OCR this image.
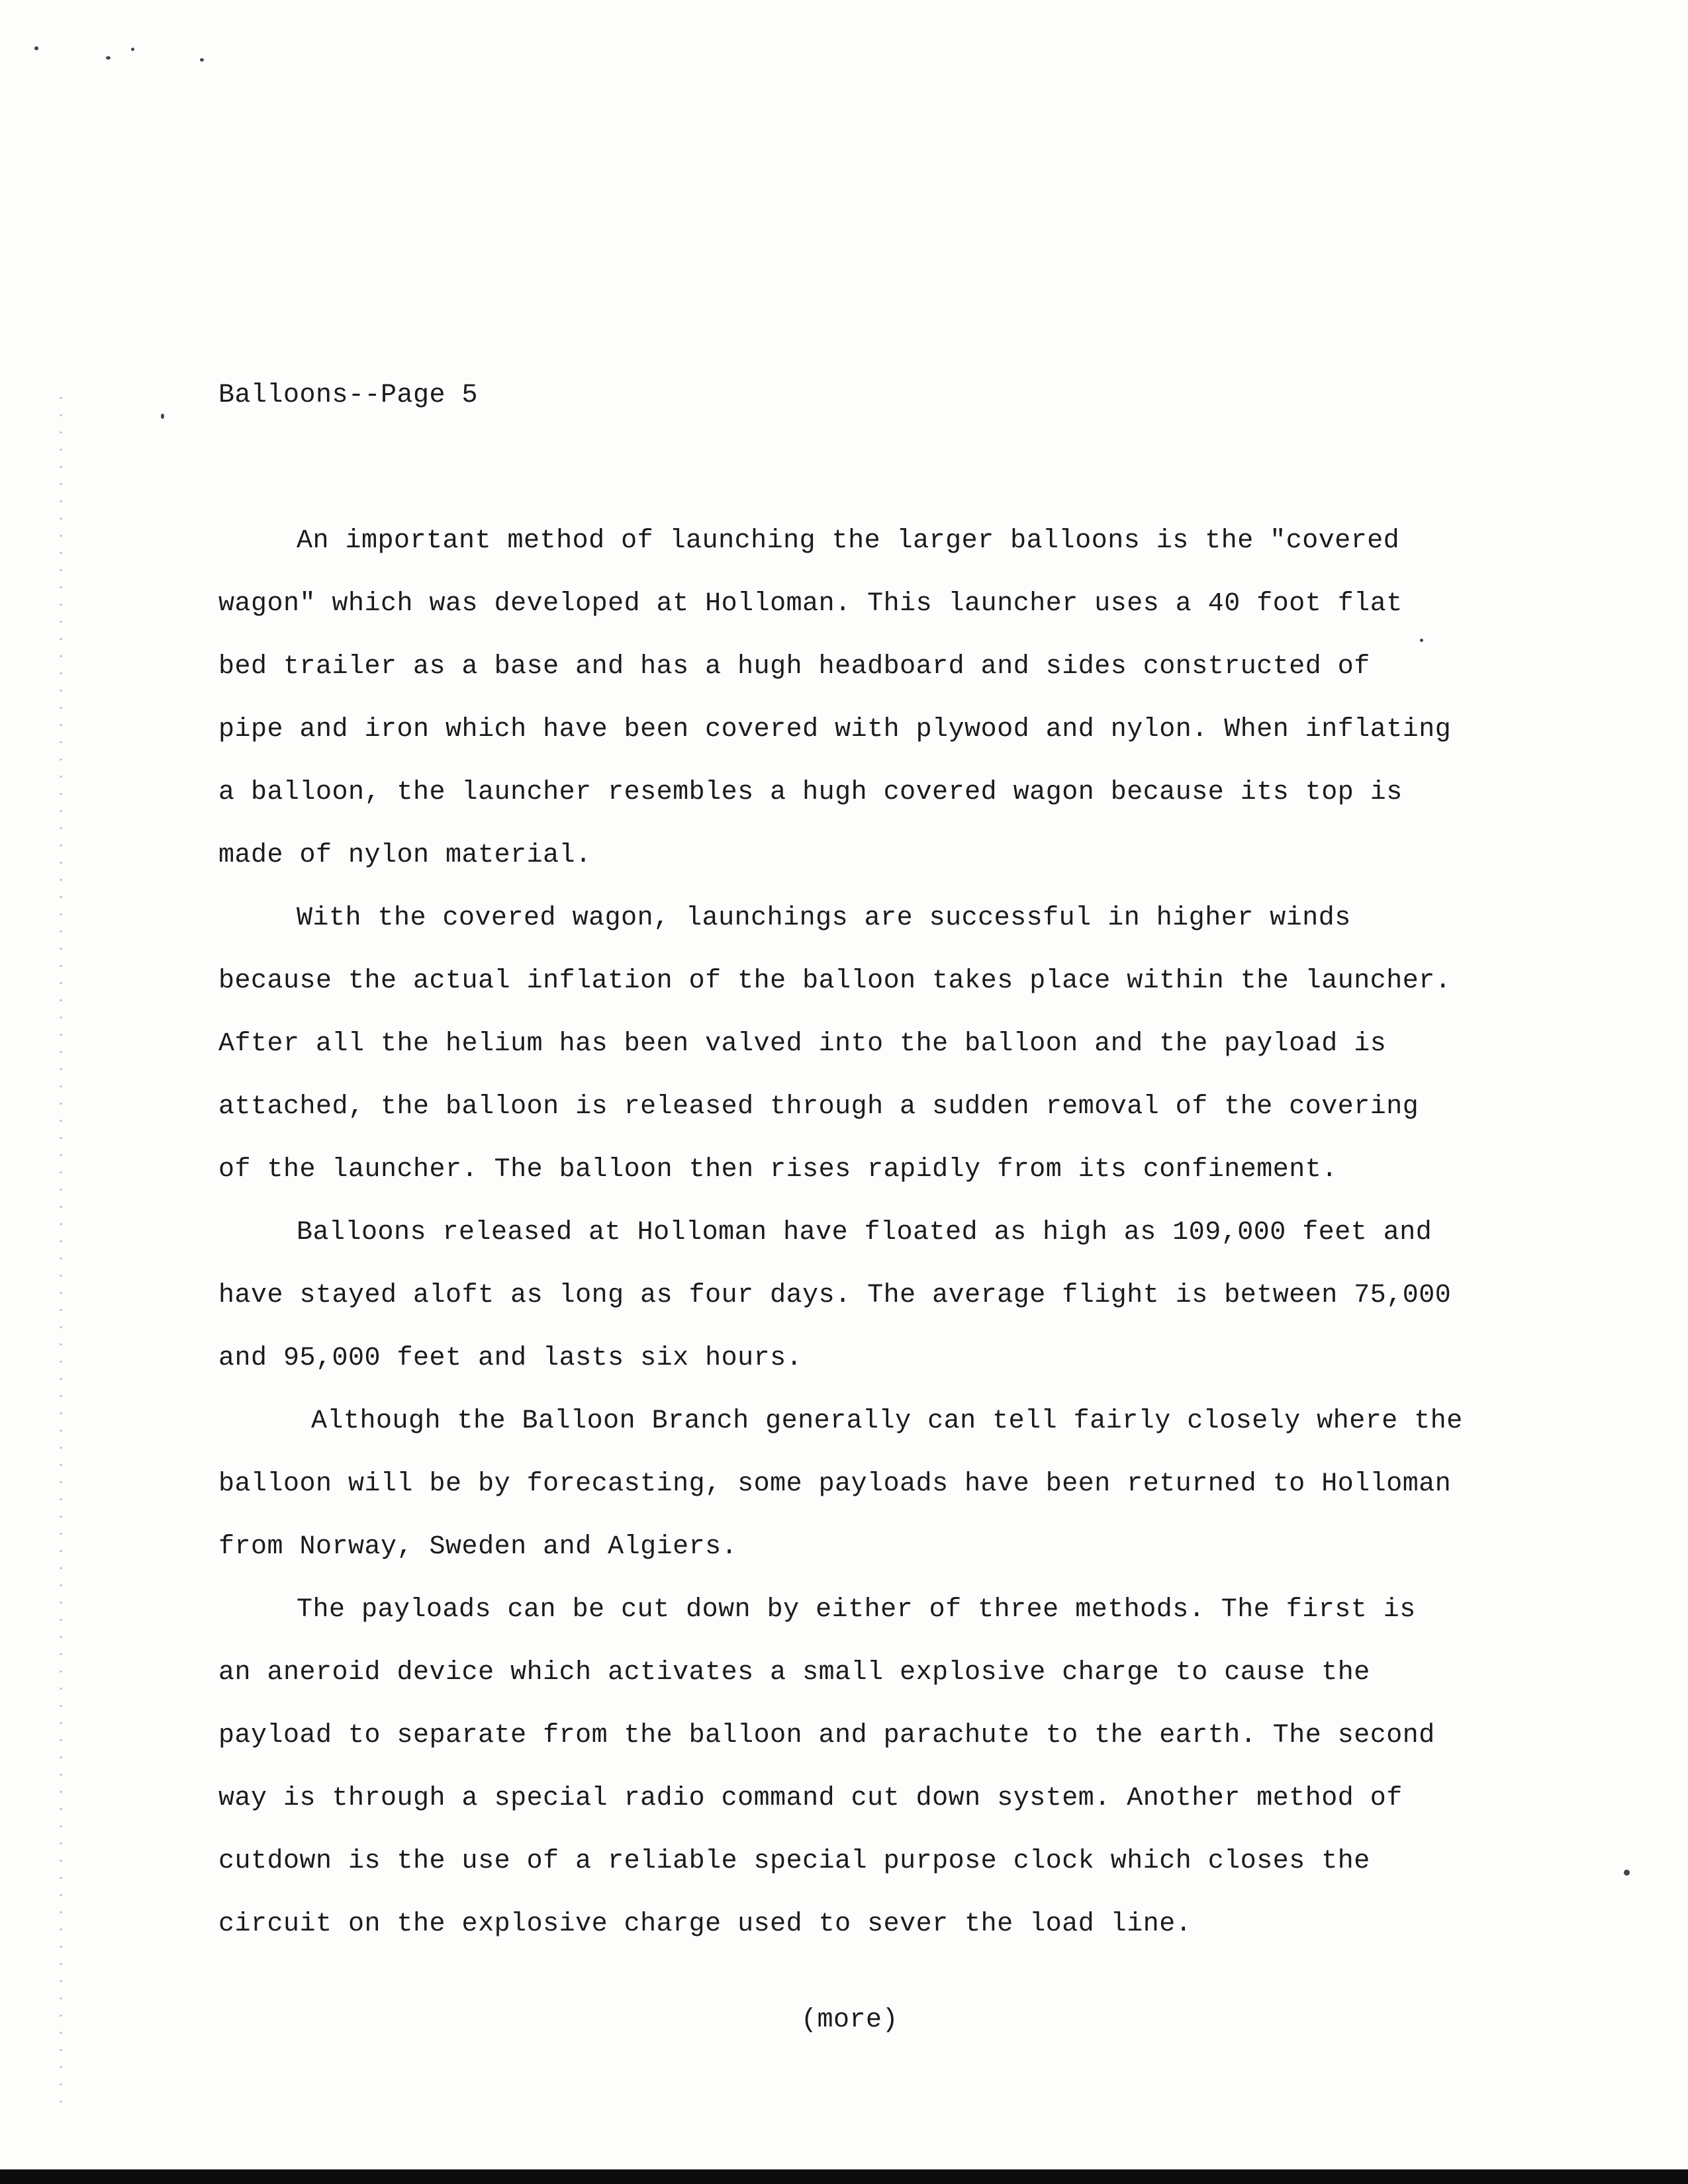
Balloons--Page 5
An important method of launching the larger balloons is the "covered
wagon" which was developed at Holloman. This launcher uses a 40 foot flat
bed trailer as a base and has a hugh headboard and sides constructed of
pipe and iron which have been covered with plywood and nylon. When inflating
a balloon, the launcher resembles a hugh covered wagon because its top is
made of nylon material.
With the covered wagon, launchings are successful in higher winds
because the actual inflation of the balloon takes place within the launcher.
After all the helium has been valved into the balloon and the payload is
attached, the balloon is released through a sudden removal of the covering
of the launcher. The balloon then rises rapidly from its confinement.
Balloons released at Holloman have floated as high as 109,000 feet and
have stayed aloft as long as four days. The average flight is between 75,000
and 95,000 feet and lasts six hours.
Although the Balloon Branch generally can tell fairly closely where the
balloon will be by forecasting, some payloads have been returned to Holloman
from Norway, Sweden and Algiers.
The payloads can be cut down by either of three methods. The first is
an aneroid device which activates a small explosive charge to cause the
payload to separate from the balloon and parachute to the earth. The second
way is through a special radio command cut down system. Another method of
cutdown is the use of a reliable special purpose clock which closes the
circuit on the explosive charge used to sever the load line.
(more)
